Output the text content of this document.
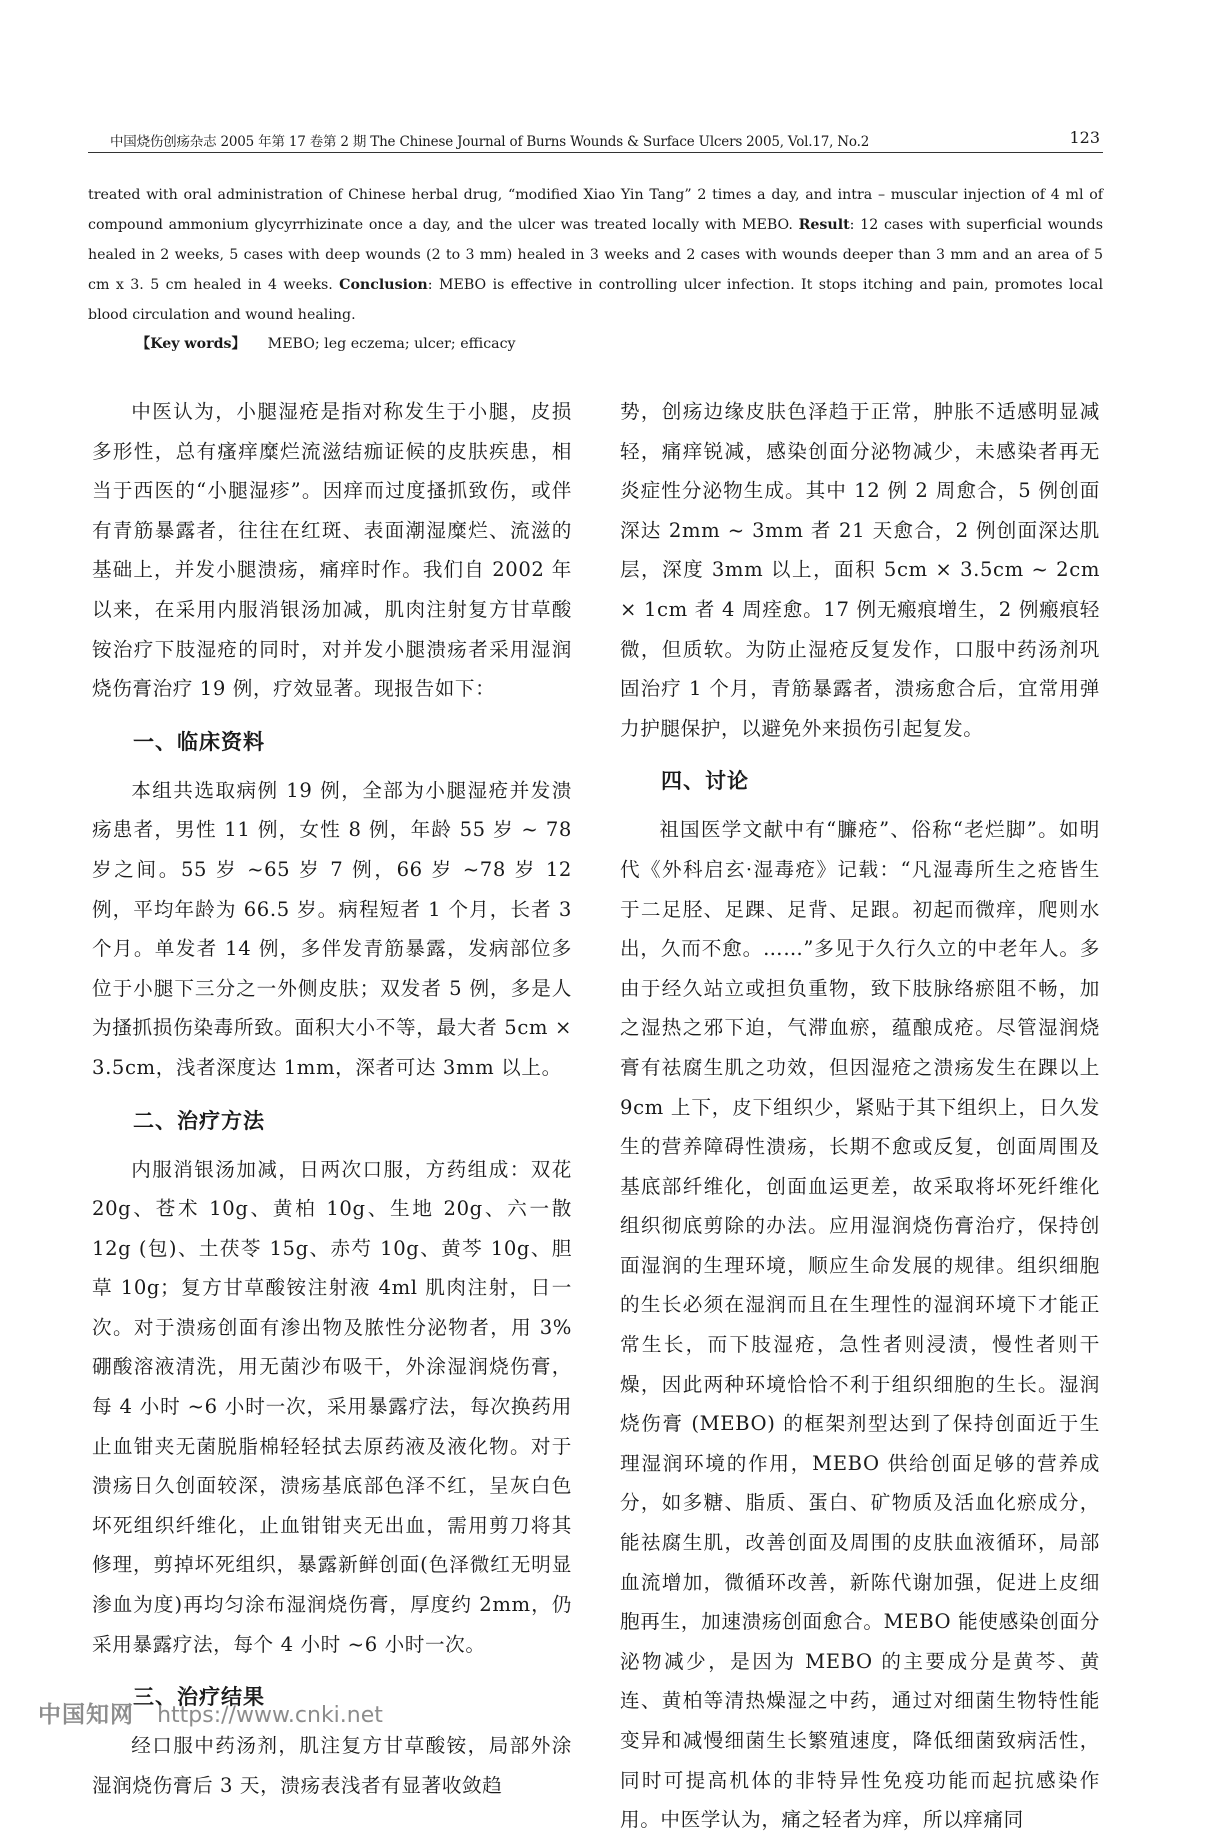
中国烧伤创疡杂志 2005 年第 17 卷第 2 期 The Chinese Journal of Burns Wounds & Surface Ulcers 2005, Vol.17, No.2	123
treated with oral administration of Chinese herbal drug, “modified Xiao Yin Tang” 2 times a day, and intra – muscular injection of 4 ml of compound ammonium glycyrrhizinate once a day, and the ulcer was treated locally with MEBO. Result: 12 cases with superficial wounds healed in 2 weeks, 5 cases with deep wounds (2 to 3 mm) healed in 3 weeks and 2 cases with wounds deeper than 3 mm and an area of 5 cm x 3. 5 cm healed in 4 weeks. Conclusion: MEBO is effective in controlling ulcer infection. It stops itching and pain, promotes local blood circulation and wound healing.
【Key words】 MEBO; leg eczema; ulcer; efficacy

中医认为，小腿湿疮是指对称发生于小腿，皮损多形性，总有瘙痒糜烂流滋结痂证候的皮肤疾患，相当于西医的“小腿湿疹”。因痒而过度搔抓致伤，或伴有青筋暴露者，往往在红斑、表面潮湿糜烂、流滋的基础上，并发小腿溃疡，痛痒时作。我们自 2002 年以来，在采用内服消银汤加减，肌肉注射复方甘草酸铵治疗下肢湿疮的同时，对并发小腿溃疡者采用湿润烧伤膏治疗 19 例，疗效显著。现报告如下：

一、临床资料

本组共选取病例 19 例，全部为小腿湿疮并发溃疡患者，男性 11 例，女性 8 例，年龄 55 岁 ~ 78 岁之间。55 岁 ~65 岁 7 例，66 岁 ~78 岁 12 例，平均年龄为 66.5 岁。病程短者 1 个月，长者 3 个月。单发者 14 例，多伴发青筋暴露，发病部位多位于小腿下三分之一外侧皮肤；双发者 5 例，多是人为搔抓损伤染毒所致。面积大小不等，最大者 5cm × 3.5cm，浅者深度达 1mm，深者可达 3mm 以上。

二、治疗方法

内服消银汤加减，日两次口服，方药组成：双花 20g、苍术 10g、黄柏 10g、生地 20g、六一散 12g (包)、土茯苓 15g、赤芍 10g、黄芩 10g、胆草 10g；复方甘草酸铵注射液 4ml 肌肉注射，日一次。对于溃疡创面有渗出物及脓性分泌物者，用 3% 硼酸溶液清洗，用无菌沙布吸干，外涂湿润烧伤膏，每 4 小时 ~6 小时一次，采用暴露疗法，每次换药用止血钳夹无菌脱脂棉轻轻拭去原药液及液化物。对于溃疡日久创面较深，溃疡基底部色泽不红，呈灰白色坏死组织纤维化，止血钳钳夹无出血，需用剪刀将其修理，剪掉坏死组织，暴露新鲜创面(色泽微红无明显渗血为度)再均匀涂布湿润烧伤膏，厚度约 2mm，仍采用暴露疗法，每个 4 小时 ~6 小时一次。

三、治疗结果

经口服中药汤剂，肌注复方甘草酸铵，局部外涂湿润烧伤膏后 3 天，溃疡表浅者有显著收敛趋

势，创疡边缘皮肤色泽趋于正常，肿胀不适感明显减轻，痛痒锐减，感染创面分泌物减少，未感染者再无炎症性分泌物生成。其中 12 例 2 周愈合，5 例创面深达 2mm ~ 3mm 者 21 天愈合，2 例创面深达肌层，深度 3mm 以上，面积 5cm × 3.5cm ~ 2cm × 1cm 者 4 周痊愈。17 例无瘢痕增生，2 例瘢痕轻微，但质软。为防止湿疮反复发作，口服中药汤剂巩固治疗 1 个月，青筋暴露者，溃疡愈合后，宜常用弹力护腿保护，以避免外来损伤引起复发。

四、讨论

祖国医学文献中有“臁疮”、俗称“老烂脚”。如明代《外科启玄·湿毒疮》记载：“凡湿毒所生之疮皆生于二足胫、足踝、足背、足跟。初起而微痒，爬则水出，久而不愈。……”多见于久行久立的中老年人。多由于经久站立或担负重物，致下肢脉络瘀阻不畅，加之湿热之邪下迫，气滞血瘀，蕴酿成疮。尽管湿润烧膏有祛腐生肌之功效，但因湿疮之溃疡发生在踝以上 9cm 上下，皮下组织少，紧贴于其下组织上，日久发生的营养障碍性溃疡，长期不愈或反复，创面周围及基底部纤维化，创面血运更差，故采取将坏死纤维化组织彻底剪除的办法。应用湿润烧伤膏治疗，保持创面湿润的生理环境，顺应生命发展的规律。组织细胞的生长必须在湿润而且在生理性的湿润环境下才能正常生长，而下肢湿疮，急性者则浸渍，慢性者则干燥，因此两种环境恰恰不利于组织细胞的生长。湿润烧伤膏 (MEBO) 的框架剂型达到了保持创面近于生理湿润环境的作用，MEBO 供给创面足够的营养成分，如多糖、脂质、蛋白、矿物质及活血化瘀成分，能祛腐生肌，改善创面及周围的皮肤血液循环，局部血流增加，微循环改善，新陈代谢加强，促进上皮细胞再生，加速溃疡创面愈合。MEBO 能使感染创面分泌物减少，是因为 MEBO 的主要成分是黄芩、黄连、黄柏等清热燥湿之中药，通过对细菌生物特性能变异和减慢细菌生长繁殖速度，降低细菌致病活性，同时可提高机体的非特异性免疫功能而起抗感染作用。中医学认为，痛之轻者为痒，所以痒痛同

中国知网 https://www.cnki.net
